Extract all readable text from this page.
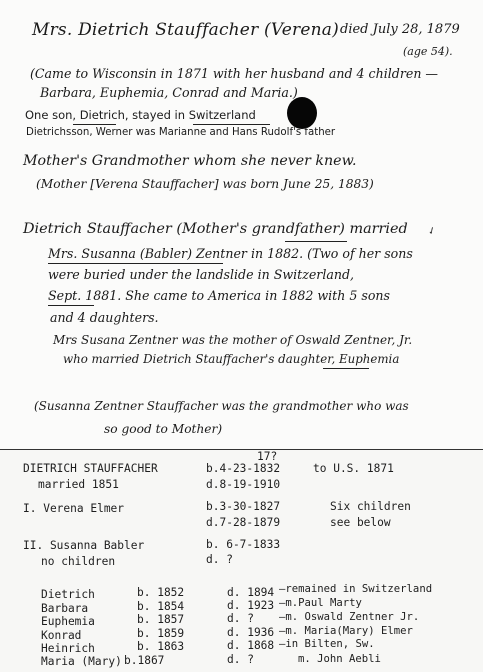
Mrs. Dietrich Stauffacher (Verena) died July 28, 1879
(age 54).
(Came to Wisconsin in 1871 with her husband and 4 children —
Barbara, Euphemia, Conrad and Maria.)
One son, Dietrich, stayed in Switzerland
Dietrichsson, Werner was Marianne and Hans Rudolf's father
Mother's Grandmother whom she never knew.
(Mother [Verena Stauffacher] was born June 25, 1883)
Dietrich Stauffacher (Mother's grandfather) married
Mrs. Susanna (Babler) Zentner in 1882. (Two of her sons
were buried under the landslide in Switzerland,
Sept. 1881. She came to America in 1882 with 5 sons
and 4 daughters.
Mrs Susana Zentner was the mother of Oswald Zentner, Jr.
who married Dietrich Stauffacher's daughter, Euphemia
(Susanna Zentner Stauffacher was the grandmother who was
so good to Mother)
✓
17?
DIETRICH STAUFFACHER	b.4-23-1832	to U.S. 1871
married 1851	d.8-19-1910
I. Verena Elmer	b.3-30-1827	Six children
d.7-28-1879	see below
II. Susanna Babler	b. 6-7-1833
no children	d. ?
Dietrich	b. 1852	d. 1894 —remained in Switzerland
Barbara	b. 1854	d. 1923 —m.Paul Marty
Euphemia	b. 1857	d. ? —m. Oswald Zentner Jr.
Konrad	b. 1859	d. 1936 —m. Maria(Mary) Elmer
Heinrich	b. 1863	d. 1868 —in Bilten, Sw.
Maria (Mary) b.1867	d. ?	m. John Aebli
